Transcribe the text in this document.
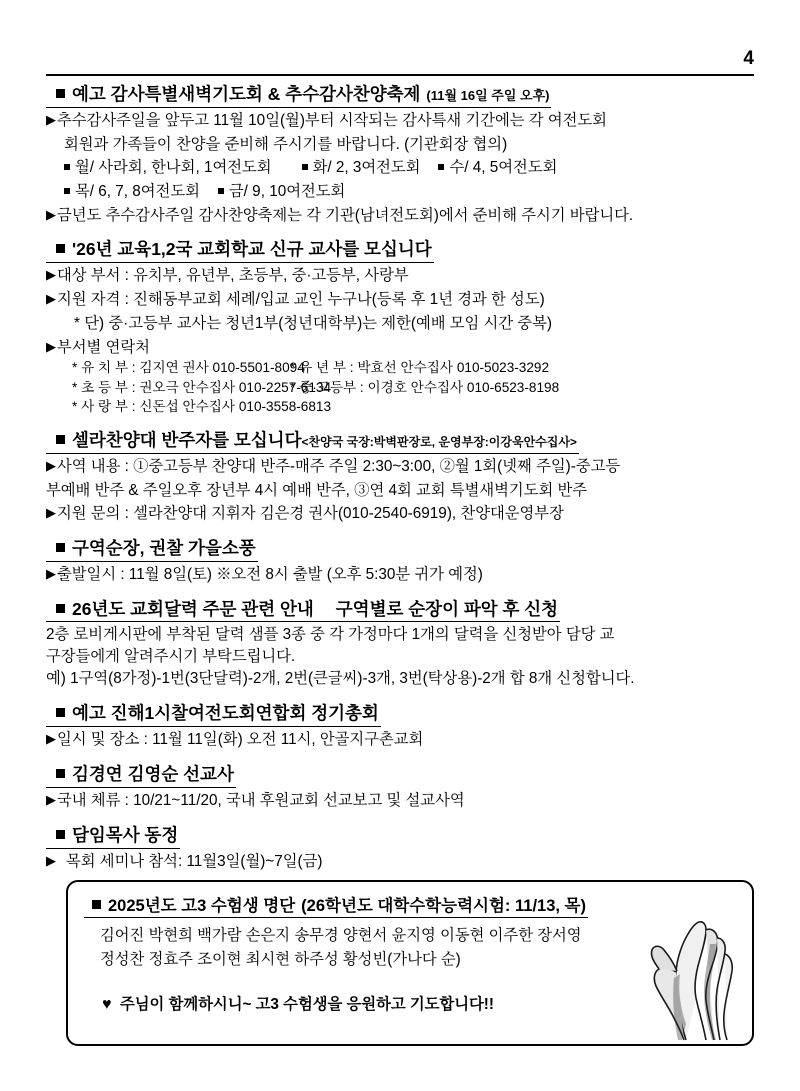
4
예고 감사특별새벽기도회 & 추수감사찬양축제 (11월 16일 주일 오후)
▶추수감사주일을 앞두고 11월 10일(월)부터 시작되는 감사특새 기간에는 각 여전도회
회원과 가족들이 찬양을 준비해 주시기를 바랍니다. (기관회장 협의)
월/ 사라회, 한나회, 1여전도회	화/ 2, 3여전도회 수/ 4, 5여전도회
목/ 6, 7, 8여전도회 금/ 9, 10여전도회
▶금년도 추수감사주일 감사찬양축제는 각 기관(남녀전도회)에서 준비해 주시기 바랍니다.
'26년 교육1,2국 교회학교 신규 교사를 모십니다
▶대상 부서 : 유치부, 유년부, 초등부, 중·고등부, 사랑부
▶지원 자격 : 진해동부교회 세례/입교 교인 누구나(등록 후 1년 경과 한 성도)
* 단) 중·고등부 교사는 청년1부(청년대학부)는 제한(예배 모임 시간 중복)
▶부서별 연락처
* 유 치 부 : 김지연 권사 010-5501-8094* 유 년 부 : 박효선 안수집사 010-5023-3292
* 초 등 부 : 권오극 안수집사 010-2257-6134* 중·고등부 : 이경호 안수집사 010-6523-8198
* 사 랑 부 : 신돈섭 안수집사 010-3558-6813
셀라찬양대 반주자를 모십니다<찬양국 국장:박벽판장로, 운영부장:이강욱안수집사>
▶사역 내용 : ①중고등부 찬양대 반주-매주 주일 2:30~3:00, ②월 1회(넷째 주일)-중고등
부예배 반주 & 주일오후 장년부 4시 예배 반주, ③연 4회 교회 특별새벽기도회 반주
▶지원 문의 : 셀라찬양대 지휘자 김은경 권사(010-2540-6919), 찬양대운영부장
구역순장, 권찰 가을소풍
▶출발일시 : 11월 8일(토) ※오전 8시 출발 (오후 5:30분 귀가 예정)
26년도 교회달력 주문 관련 안내 구역별로 순장이 파악 후 신청
2층 로비게시판에 부착된 달력 샘플 3종 중 각 가정마다 1개의 달력을 신청받아 담당 교
구장들에게 알려주시기 부탁드립니다.
예) 1구역(8가정)-1번(3단달력)-2개, 2번(큰글씨)-3개, 3번(탁상용)-2개 합 8개 신청합니다.
예고 진해1시찰여전도회연합회 정기총회
▶일시 및 장소 : 11월 11일(화) 오전 11시, 안골지구촌교회
김경연 김영순 선교사
▶국내 체류 : 10/21~11/20, 국내 후원교회 선교보고 및 설교사역
담임목사 동정
▶ 목회 세미나 참석: 11월3일(월)~7일(금)
2025년도 고3 수험생 명단 (26학년도 대학수학능력시험: 11/13, 목)
김어진 박현희 백가람 손은지 송무경 양현서 윤지영 이동현 이주한 장서영
정성찬 정효주 조이현 최시현 하주성 황성빈(가나다 순)
♥ 주님이 함께하시니~ 고3 수험생을 응원하고 기도합니다!!
